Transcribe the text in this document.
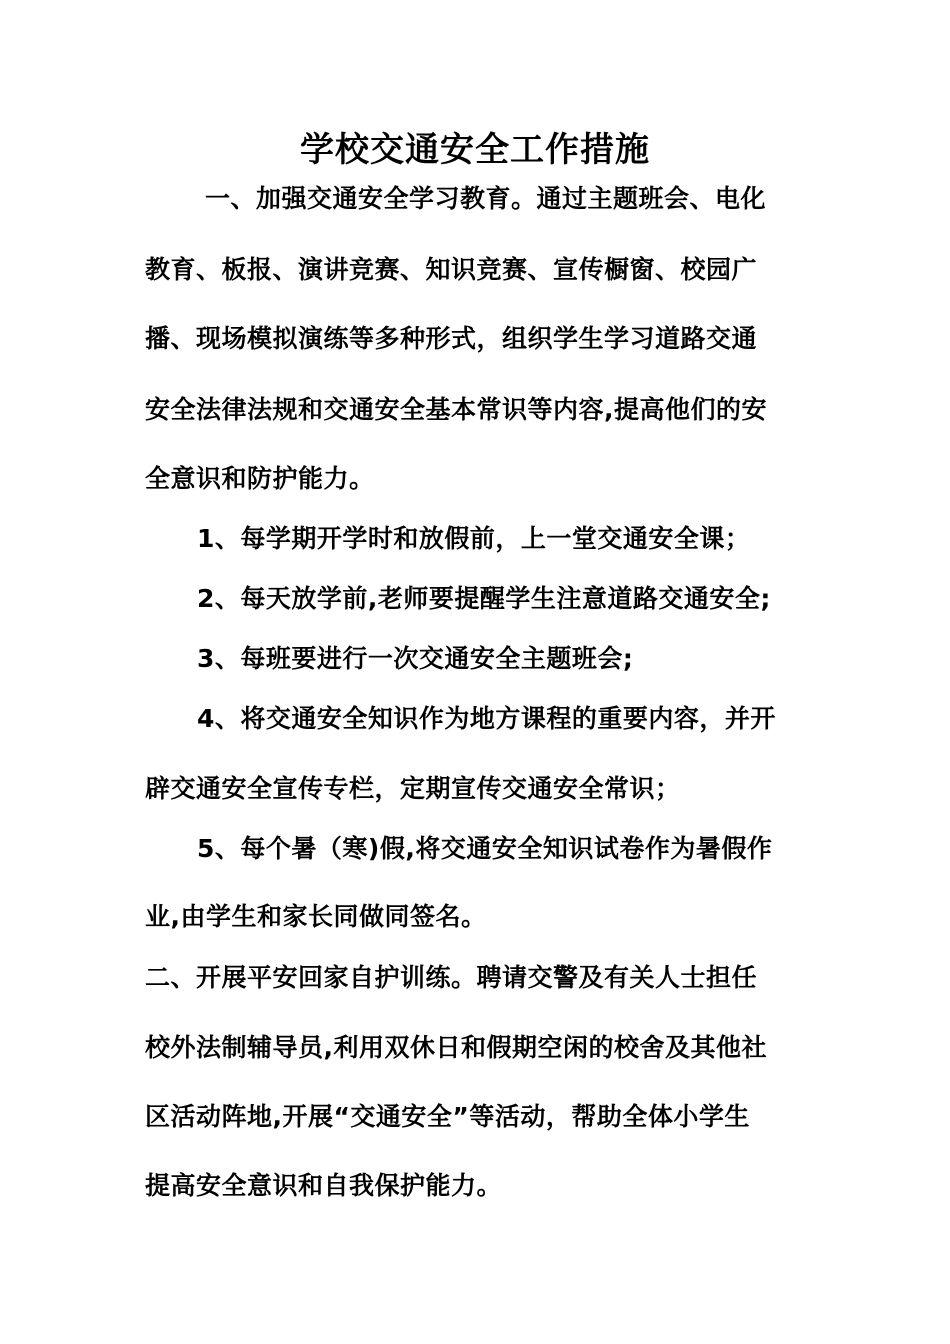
学校交通安全工作措施
一、加强交通安全学习教育。通过主题班会、电化
教育、板报、演讲竞赛、知识竞赛、宣传橱窗、校园广
播、现场模拟演练等多种形式，组织学生学习道路交通
安全法律法规和交通安全基本常识等内容,提高他们的安
全意识和防护能力。
1、每学期开学时和放假前，上一堂交通安全课；
2、每天放学前,老师要提醒学生注意道路交通安全;
3、每班要进行一次交通安全主题班会;
4、将交通安全知识作为地方课程的重要内容，并开
辟交通安全宣传专栏，定期宣传交通安全常识；
5、每个暑（寒)假,将交通安全知识试卷作为暑假作
业,由学生和家长同做同签名。
二、开展平安回家自护训练。聘请交警及有关人士担任
校外法制辅导员,利用双休日和假期空闲的校舍及其他社
区活动阵地,开展“交通安全”等活动，帮助全体小学生
提高安全意识和自我保护能力。
